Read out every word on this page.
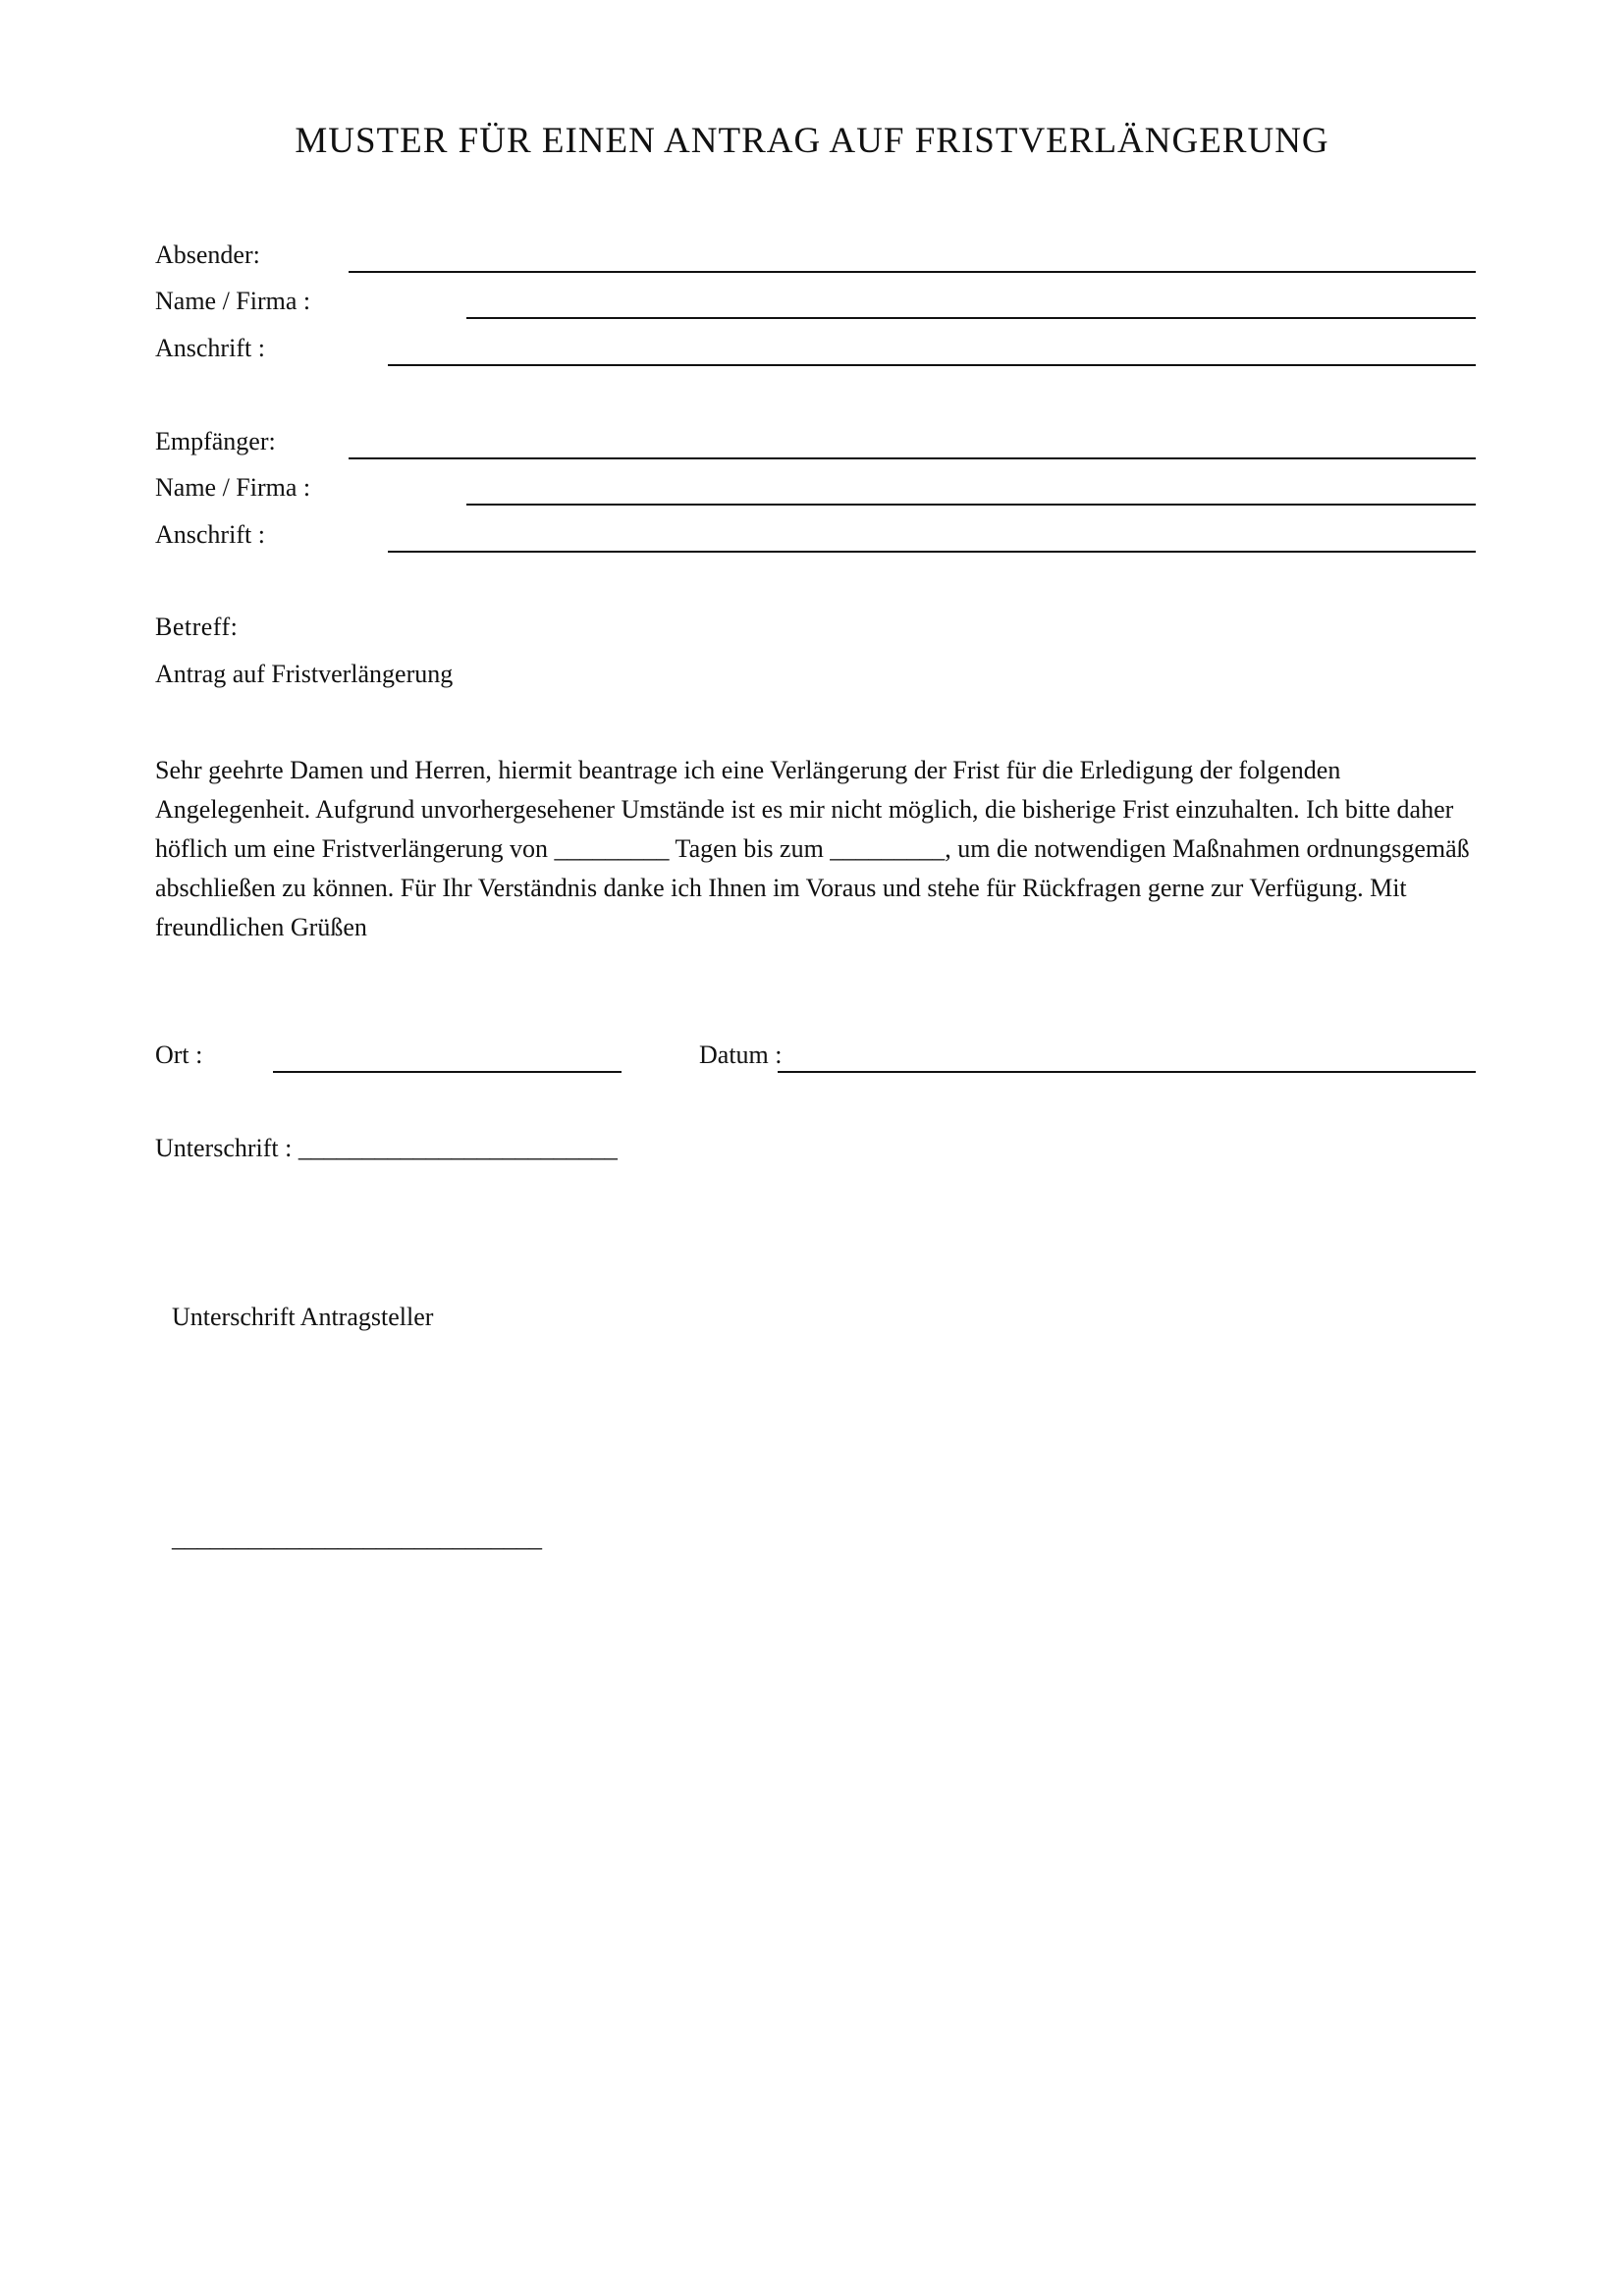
MUSTER FÜR EINEN ANTRAG AUF FRISTVERLÄNGERUNG
Absender:
Name / Firma :
Anschrift :
Empfänger:
Name / Firma :
Anschrift :
Betreff:
Antrag auf Fristverlängerung
Sehr geehrte Damen und Herren, hiermit beantrage ich eine Verlängerung der Frist für die Erledigung der folgenden Angelegenheit. Aufgrund unvorhergesehener Umstände ist es mir nicht möglich, die bisherige Frist einzuhalten. Ich bitte daher höflich um eine Fristverlängerung von _________ Tagen bis zum _________, um die notwendigen Maßnahmen ordnungsgemäß abschließen zu können. Für Ihr Verständnis danke ich Ihnen im Voraus und stehe für Rückfragen gerne zur Verfügung. Mit freundlichen Grüßen
Ort :	Datum :
Unterschrift : _________________________
Unterschrift Antragsteller
_____________________________
